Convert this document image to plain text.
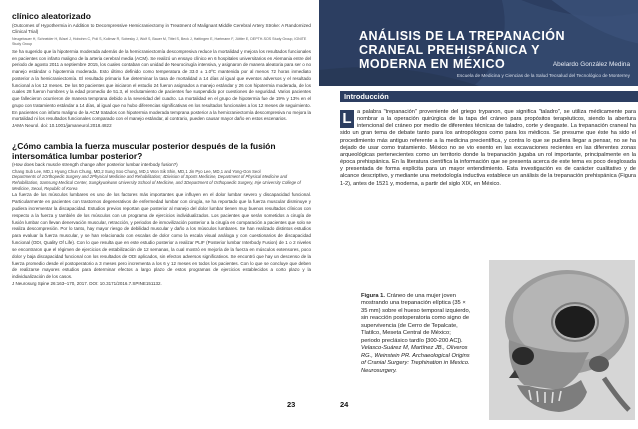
clínico aleatorizado
(Outcomes of Hypothermia in Addition to Decompressive Hemicraniectomy in Treatment of Malignant Middle Cerebral Artery Stroke: A Randomized Clinical Trial)
Neugebauer H, Schneider H, Bösel J, Hobohm C, Poli S, Kollmar R, Sobesky J, Wolf S, Bauer M, Tittel S, Beck J, Hattingen E, Hartmann F, Jüttler E, DEPTH-SOS Study Group, IGNITE Study Group
Se ha sugerido que la hipotermia moderada además de la hemicraniectomía descompresiva reduce la mortalidad y mejora los resultados funcionales en pacientes con infarto maligno de la arteria cerebral media (ACM). Se realizó un ensayo clínico en 6 hospitales universitarios en Alemania entre del periodo de agosto 2011 a septiembre 2015, los cuales contaban con unidad de Neurocirugía intensiva, y asignaron de manera aleatoria para ser o no manejo estándar o hipotermia moderada. Esto último definido como temperatura de 33.0 ± 1.0ºC mantenida por al menos 72 horas inmediato posterior a la hemicraniectomía. El resultado primario fue determinar la tasa de mortalidad a 14 días al igual que eventos adversos y el resultado funcional a los 12 meses. De los 50 pacientes que iniciaron el estudio 24 fueron asignados a manejo estándar y 26 con hipotermia moderada, de los cuales 28 fueron hombres y la edad promedio de 51.3, el reclutamiento de pacientes fue suspendido por cuestiones de seguridad. Varios pacientes que fallecieron ocurrieron de manera temprana debido a la severidad del cuadro. La mortalidad en el grupo de hipotermia fue de 19% y 13% en el grupo con tratamiento estándar a 14 días, al igual que no hubo diferencias significativas en los resultados funcionales a los 12 meses de seguimiento.
En pacientes con infarto maligno de la ACM tratados con hipotermia moderada temprana posterior a la hemicraniectomía descompresiva no mejora la mortalidad ni los resultados funcionales comparado con el manejo estándar, al contrario, pueden causar mayor daño en estos escenarios.
JAMA Neurol. doi: 10.1001/jamaneurol.2018.4822
¿Cómo cambia la fuerza muscular posterior después de la fusión intersomática lumbar posterior?
(How does back muscle strength change after posterior lumbar interbody fusion?)
Chang Sub Lee, MD,1 Hyung Chun Chung, MD,2 Sung Soo Chung, MD,1 Won Sik Shin, MD,1 Jin Pyo Lee, MD,1 and Yong-Gon Seol
Departments of 1Orthopedic Surgery and 2Physical Medicine and Rehabilitation; 4Division of Sports Medicine, Department of Physical Medicine and Rehabilitation, Samsung Medical Center, Sungkyunkwan University School of Medicine, and 3Department of Orthopaedic Surgery, Inje University College of Medicine, Seoul, Republic of Korea
La fuerza de los músculos lumbares es uno de los factores más importantes que influyen en el dolor lumbar severo y discapacidad funcional. Particularmente en pacientes con trastornos degenerativos de enfermedad lumbar con cirugía, se ha reportado que la fuerza muscular disminuye y pudiera incrementar la discapacidad. Estudios previos reportan que posterior al manejo del dolor lumbar tienen muy buenos resultados clínicos con respecto a la fuerza y también de los músculos con un programa de ejercicios individualizados. Los pacientes que serán sometidos a cirugía de fusión lumbar con llevan denervación muscular, retracción, y periodos de inmovilización posterior a la cirugía en comparación a pacientes que solo se realiza descompresión. Por lo tanto, hay mayor riesgo de debilidad muscular y daño a los músculos lumbares. Se han realizado distintos estudios para evaluar la fuerza muscular, y se han relacionado con escalas de dolor como la escala visual análoga y con cuestionarios de discapacidad funcional (ODI, Quality Of Life). Con lo que resulta que en este estudio posterior a realizar PLIF (Posterior lumbar Interbody Fusion) de 1 o 2 niveles se encontraron que el régimen de ejercicios de estabilización de 12 semanas, la cual mostró en mejoría de la fuerza en músculos extensores, poco dolor y baja discapacidad funcional con los resultados de ODI aplicados, sin efectos adversos significativos. Se encontró que hay un descenso de la fuerza promedio desde el postoperatorio a 3 meses pero incrementa a los 6 y 12 meses en todos los pacientes. Con lo que se concluye que deben de realizarse mayores estudios para determinar efectos a largo plazo de estos programas de ejercicios establecidos a corto plazo y la individualización de los casos.
J Neurosurg Spine 26:163–170, 2017. DOI: 10.3171/2016.7.SPINE151132.
23
ANÁLISIS DE LA TREPANACIÓN
CRANEAL PREHISPÁNICA Y
MODERNA EN MÉXICO	Abelardo González Medina
Escuela de Medicina y Ciencias de la Salud Tecsalud del Tecnológico de Monterrey
Introducción
L a palabra "trepanación" proveniente del griego trypanon, que significa "taladro", se utiliza médicamente para nombrar a la operación quirúrgica de la tapa del cráneo para propósitos terapéuticos, siendo la abertura intencional del cráneo por medio de diferentes técnicas de taladro, corte y desgaste. La trepanación craneal ha sido un gran tema de debate tanto para los antropólogos como para los médicos. Se presume que éste ha sido el procedimiento más antiguo referente a la medicina precientífica, y contra lo que se pudiera llegar a pensar, no se ha dejado de usar como tratamiento. México no se vio exento en las excavaciones recientes en las diferentes zonas arqueológicas pertenecientes como un territorio donde la trepanación jugaba un rol importante, principalmente en la época prehispánica. En la literatura científica la información que se presenta acerca de este tema es poco desglosada y presentada de forma explícita para un mayor entendimiento. Esta investigación es de carácter cualitativo y de alcance descriptivo, y mediante una metodología inductiva establece un análisis de la trepanación prehispánica (Figura 1-2), antes de 1521 y, moderna, a partir del siglo XIX, en México.
Figura 1. Cráneo de una mujer joven mostrando una trepanación elíptica (35 × 35 mm) sobre el hueso temporal izquierdo, sin reacción postoperatoria como signo de supervivencia (de Cerro de Tepalcate, Tlatilco, Meseta Central de México; periodo preclásico tardío [300-200 AC]). Velasco-Suárez M, Martínez JB., Oliveros RG., Weinstein PR. Archaeological Origins of Cranial Surgery: Trephination in Mexico. Neurosurgery.
24
